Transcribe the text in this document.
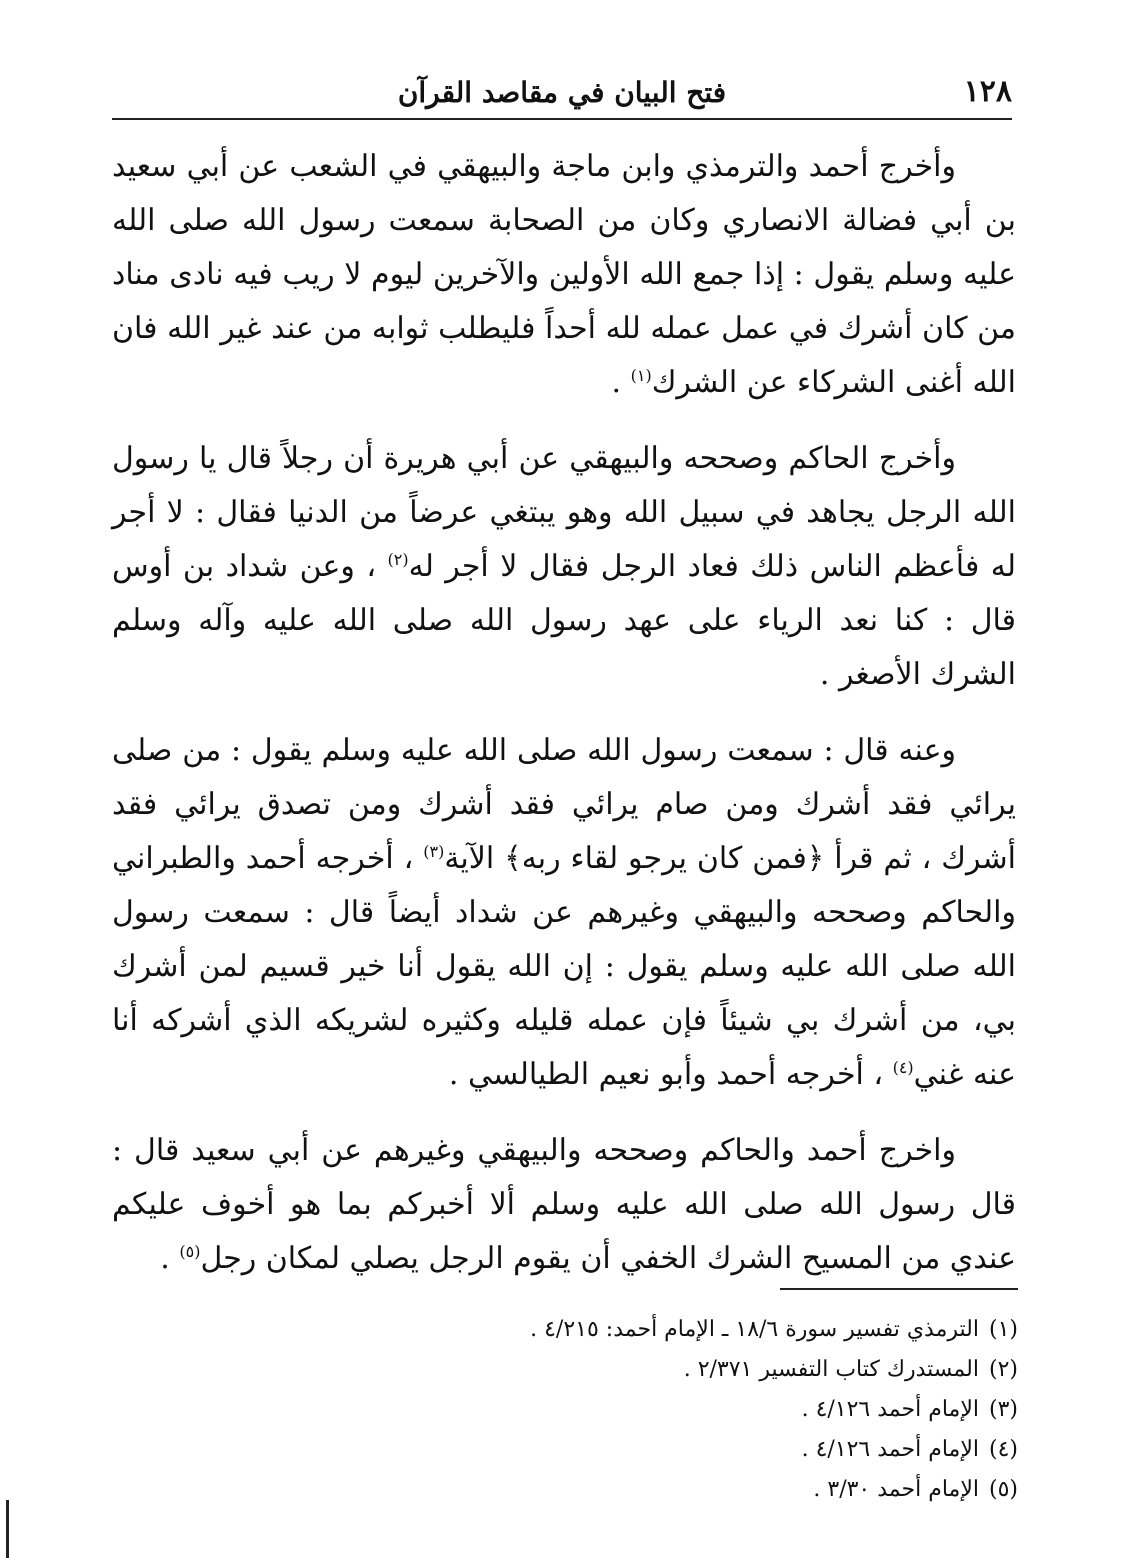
١٢٨
فتح البيان في مقاصد القرآن

وأخرج أحمد والترمذي وابن ماجة والبيهقي في الشعب عن أبي سعيد بن أبي فضالة الانصاري وكان من الصحابة سمعت رسول الله صلى الله عليه وسلم يقول : إذا جمع الله الأولين والآخرين ليوم لا ريب فيه نادى مناد من كان أشرك في عمل عمله لله أحداً فليطلب ثوابه من عند غير الله فان الله أغنى الشركاء عن الشرك$^{(١)}$ .

وأخرج الحاكم وصححه والبيهقي عن أبي هريرة أن رجلاً قال يا رسول الله الرجل يجاهد في سبيل الله وهو يبتغي عرضاً من الدنيا فقال : لا أجر له فأعظم الناس ذلك فعاد الرجل فقال لا أجر له$^{(٢)}$ ، وعن شداد بن أوس قال : كنا نعد الرياء على عهد رسول الله صلى الله عليه وآله وسلم الشرك الأصغر .

وعنه قال : سمعت رسول الله صلى الله عليه وسلم يقول : من صلى يرائي فقد أشرك ومن صام يرائي فقد أشرك ومن تصدق يرائي فقد أشرك ، ثم قرأ ﴿فمن كان يرجو لقاء ربه﴾ الآية$^{(٣)}$ ، أخرجه أحمد والطبراني والحاكم وصححه والبيهقي وغيرهم عن شداد أيضاً قال : سمعت رسول الله صلى الله عليه وسلم يقول : إن الله يقول أنا خير قسيم لمن أشرك بي، من أشرك بي شيئاً فإن عمله قليله وكثيره لشريكه الذي أشركه أنا عنه غني$^{(٤)}$ ، أخرجه أحمد وأبو نعيم الطيالسي .

واخرج أحمد والحاكم وصححه والبيهقي وغيرهم عن أبي سعيد قال : قال رسول الله صلى الله عليه وسلم ألا أخبركم بما هو أخوف عليكم عندي من المسيح الشرك الخفي أن يقوم الرجل يصلي لمكان رجل$^{(٥)}$ .

(١)الترمذي تفسير سورة ١٨/٦ ـ الإمام أحمد: ٤/٢١٥ .

(٢)المستدرك كتاب التفسير ٢/٣٧١ .

(٣)الإمام أحمد ٤/١٢٦ .

(٤)الإمام أحمد ٤/١٢٦ .

(٥)الإمام أحمد ٣/٣٠ .
